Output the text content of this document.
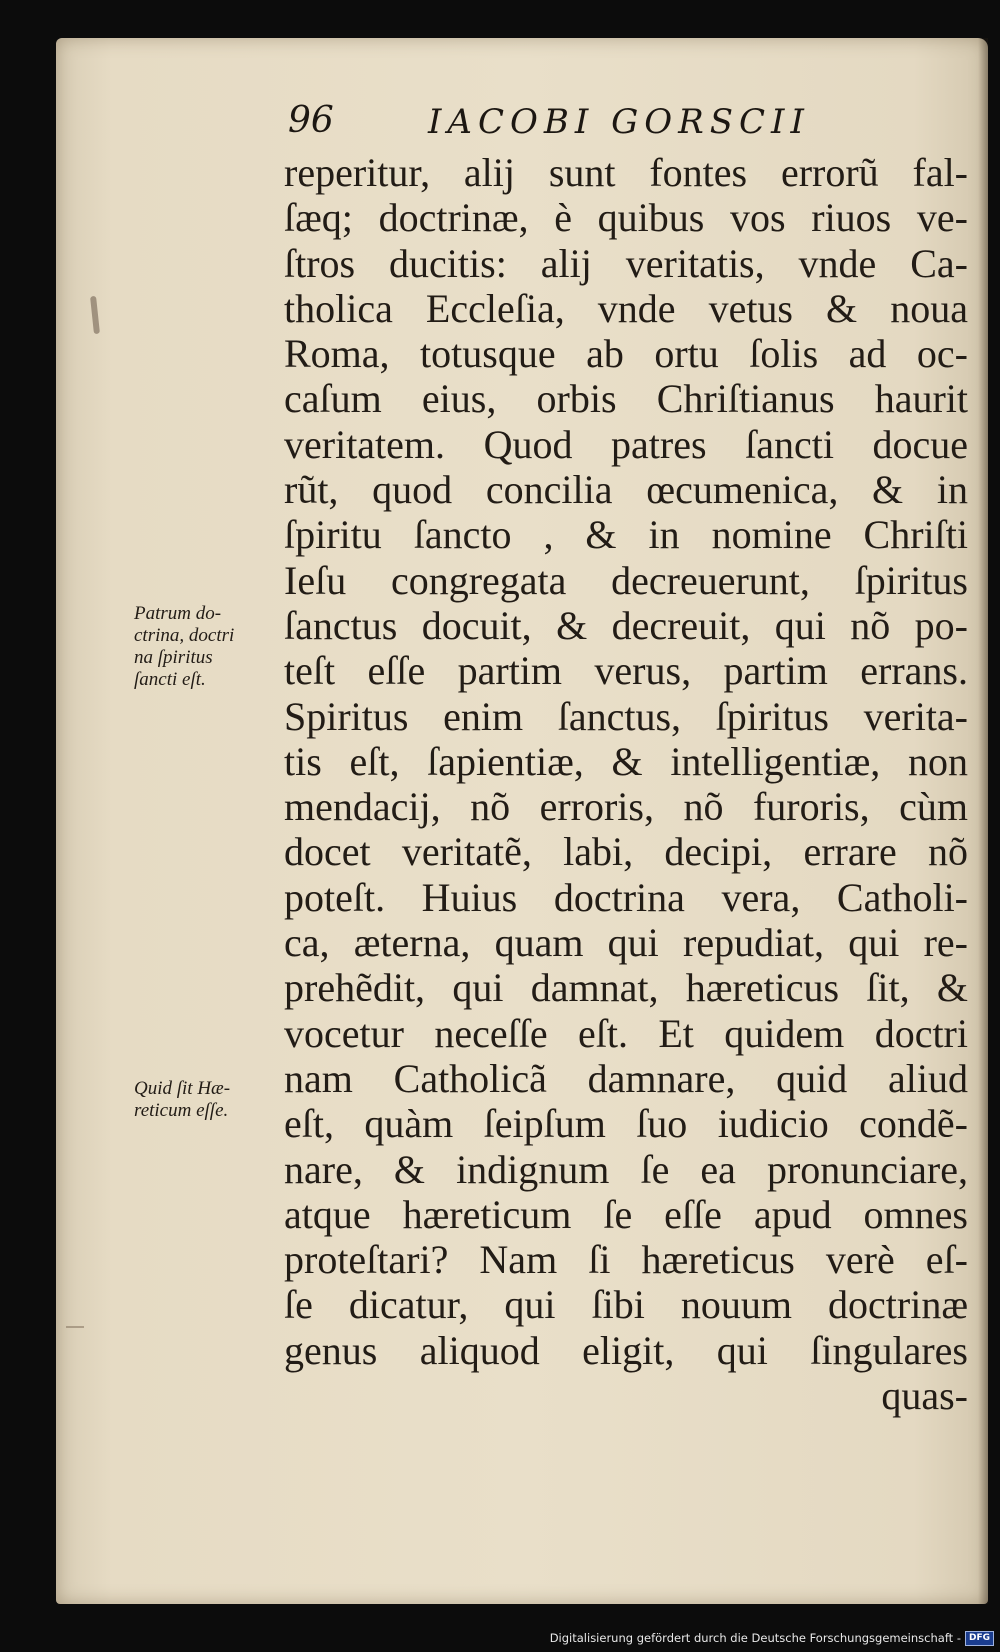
96	IACOBI GORSCII
Patrum do-
ctrina, doctri
na ſpiritus
ſancti eſt.
Quid ſit Hæ-
reticum eſſe.
reperitur, alij sunt fontes errorũ fal-
ſæq; doctrinæ, è quibus vos riuos ve-
ſtros ducitis: alij veritatis, vnde Ca-
tholica Eccleſia, vnde vetus & noua
Roma, totusque ab ortu ſolis ad oc-
caſum eius, orbis Chriſtianus haurit
veritatem. Quod patres ſancti docue
rũt, quod concilia œcumenica, & in
ſpiritu ſancto , & in nomine Chriſti
Ieſu congregata decreuerunt, ſpiritus
ſanctus docuit, & decreuit, qui nõ po-
teſt eſſe partim verus, partim errans.
Spiritus enim ſanctus, ſpiritus verita-
tis eſt, ſapientiæ, & intelligentiæ, non
mendacij, nõ erroris, nõ furoris, cùm
docet veritatẽ, labi, decipi, errare nõ
poteſt. Huius doctrina vera, Catholi-
ca, æterna, quam qui repudiat, qui re-
prehẽdit, qui damnat, hæreticus ſit, &
vocetur neceſſe eſt. Et quidem doctri
nam Catholicã damnare, quid aliud
eſt, quàm ſeipſum ſuo iudicio condẽ-
nare, & indignum ſe ea pronunciare,
atque hæreticum ſe eſſe apud omnes
proteſtari? Nam ſi hæreticus verè eſ-
ſe dicatur, qui ſibi nouum doctrinæ
genus aliquod eligit, qui ſingulares
quas-
Digitalisierung gefördert durch die Deutsche Forschungsgemeinschaft - DFG
